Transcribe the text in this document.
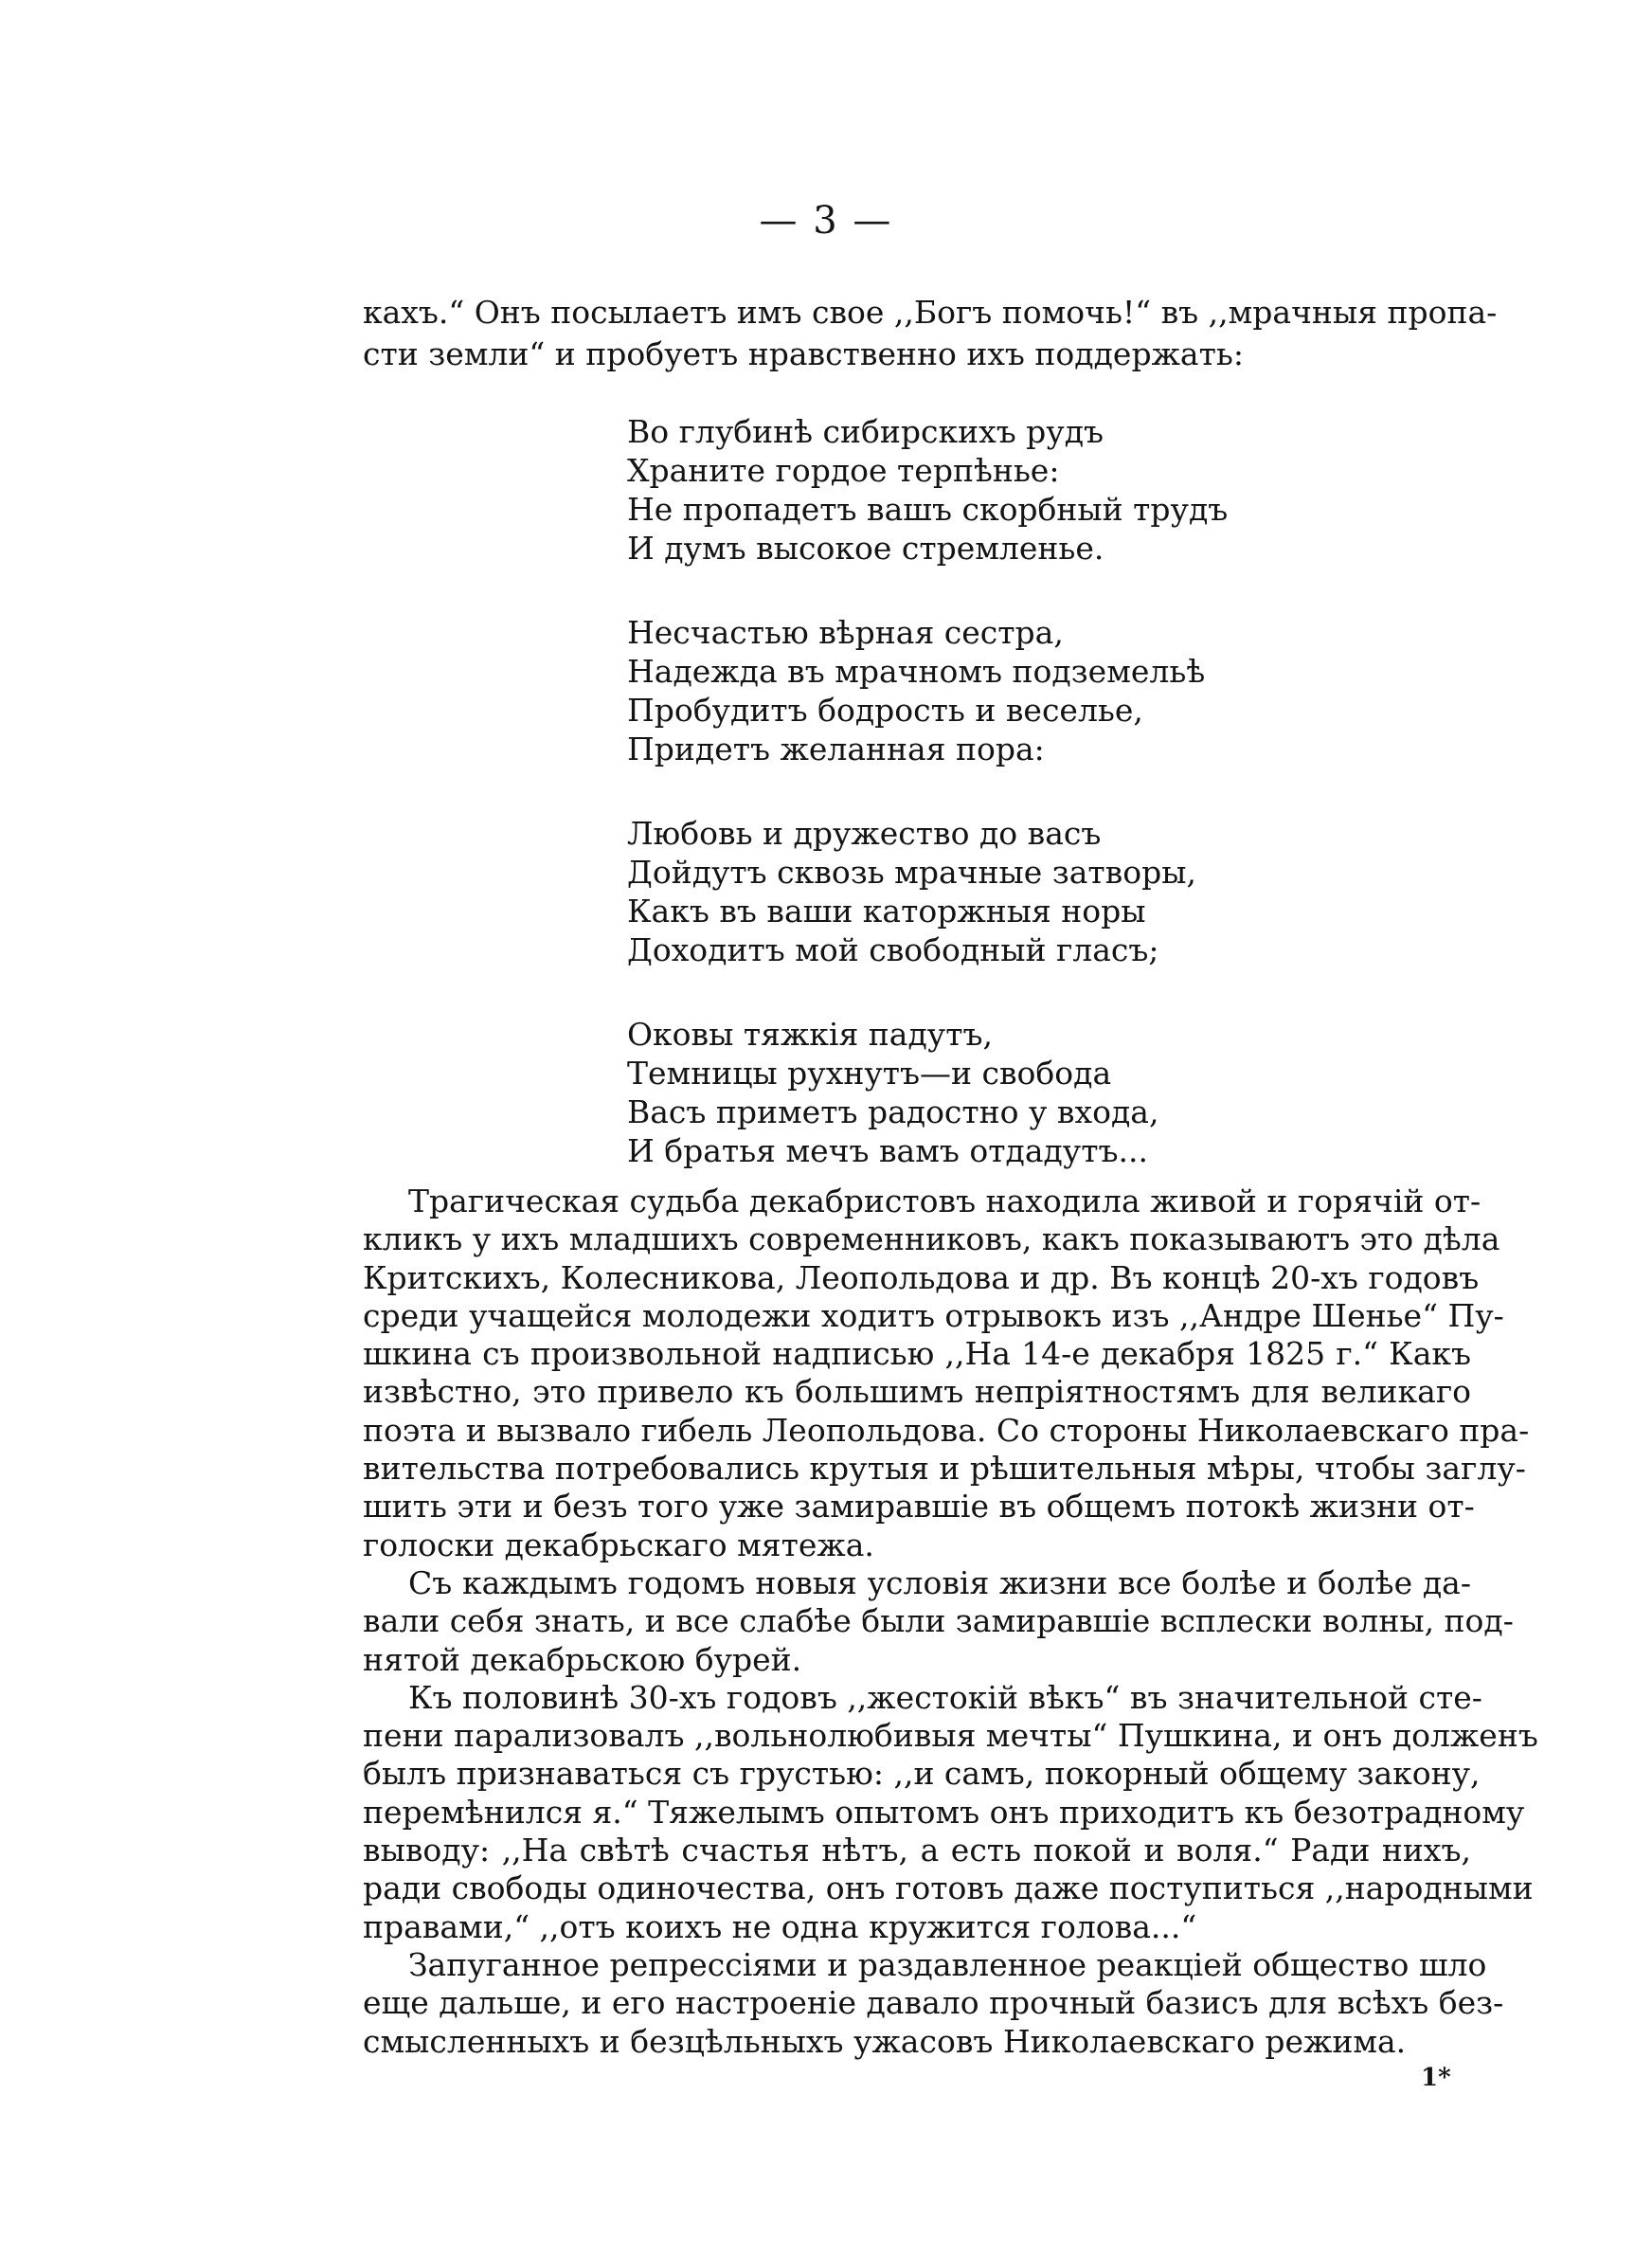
— 3 —
кахъ.“ Онъ посылаетъ имъ свое ,,Богъ помочь!“ въ ,,мрачныя пропа-
сти земли“ и пробуетъ нравственно ихъ поддержать:
Во глубинѣ сибирскихъ рудъ
Храните гордое терпѣнье:
Не пропадетъ вашъ скорбный трудъ
И думъ высокое стремленье.
Несчастью вѣрная сестра,
Надежда въ мрачномъ подземельѣ
Пробудитъ бодрость и веселье,
Придетъ желанная пора:
Любовь и дружество до васъ
Дойдутъ сквозь мрачные затворы,
Какъ въ ваши каторжныя норы
Доходитъ мой свободный гласъ;
Оковы тяжкія падутъ,
Темницы рухнутъ—и свобода
Васъ приметъ радостно у входа,
И братья мечъ вамъ отдадутъ...
Трагическая судьба декабристовъ находила живой и горячій от-
кликъ у ихъ младшихъ современниковъ, какъ показываютъ это дѣла
Критскихъ, Колесникова, Леопольдова и др. Въ концѣ 20-хъ годовъ
среди учащейся молодежи ходитъ отрывокъ изъ ,,Андре Шенье“ Пу-
шкина съ произвольной надписью ,,На 14-е декабря 1825 г.“ Какъ
извѣстно, это привело къ большимъ непріятностямъ для великаго
поэта и вызвало гибель Леопольдова. Со стороны Николаевскаго пра-
вительства потребовались крутыя и рѣшительныя мѣры, чтобы заглу-
шить эти и безъ того уже замиравшіе въ общемъ потокѣ жизни от-
голоски декабрьскаго мятежа.
Съ каждымъ годомъ новыя условія жизни все болѣе и болѣе да-
вали себя знать, и все слабѣе были замиравшіе всплески волны, под-
нятой декабрьскою бурей.
Къ половинѣ 30-хъ годовъ ,,жестокій вѣкъ“ въ значительной сте-
пени парализовалъ ,,вольнолюбивыя мечты“ Пушкина, и онъ долженъ
былъ признаваться съ грустью: ,,и самъ, покорный общему закону,
перемѣнился я.“ Тяжелымъ опытомъ онъ приходитъ къ безотрадному
выводу: ,,На свѣтѣ счастья нѣтъ, а есть покой и воля.“ Ради нихъ,
ради свободы одиночества, онъ готовъ даже поступиться ,,народными
правами,“ ,,отъ коихъ не одна кружится голова...“
Запуганное репрессіями и раздавленное реакціей общество шло
еще дальше, и его настроеніе давало прочный базисъ для всѣхъ без-
смысленныхъ и безцѣльныхъ ужасовъ Николаевскаго режима.
1*
